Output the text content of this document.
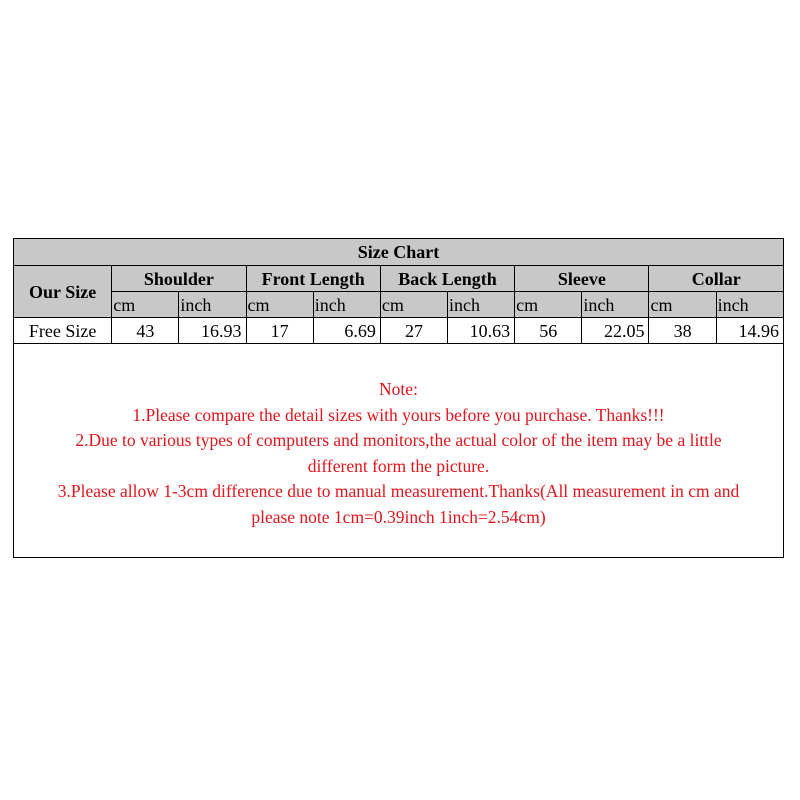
Size Chart										
Our Size	Shoulder		Front Length		Back Length		Sleeve		Collar	
	cm	inch	cm	inch	cm	inch	cm	inch	cm	inch
Free Size	43	16.93	17	6.69	27	10.63	56	22.05	38	14.96
Note:
1.Please compare the detail sizes with yours before you purchase. Thanks!!!
2.Due to various types of computers and monitors,the actual color of the item may be a little
different form the picture.
3.Please allow 1-3cm difference due to manual measurement.Thanks(All measurement in cm and
please note 1cm=0.39inch 1inch=2.54cm)
